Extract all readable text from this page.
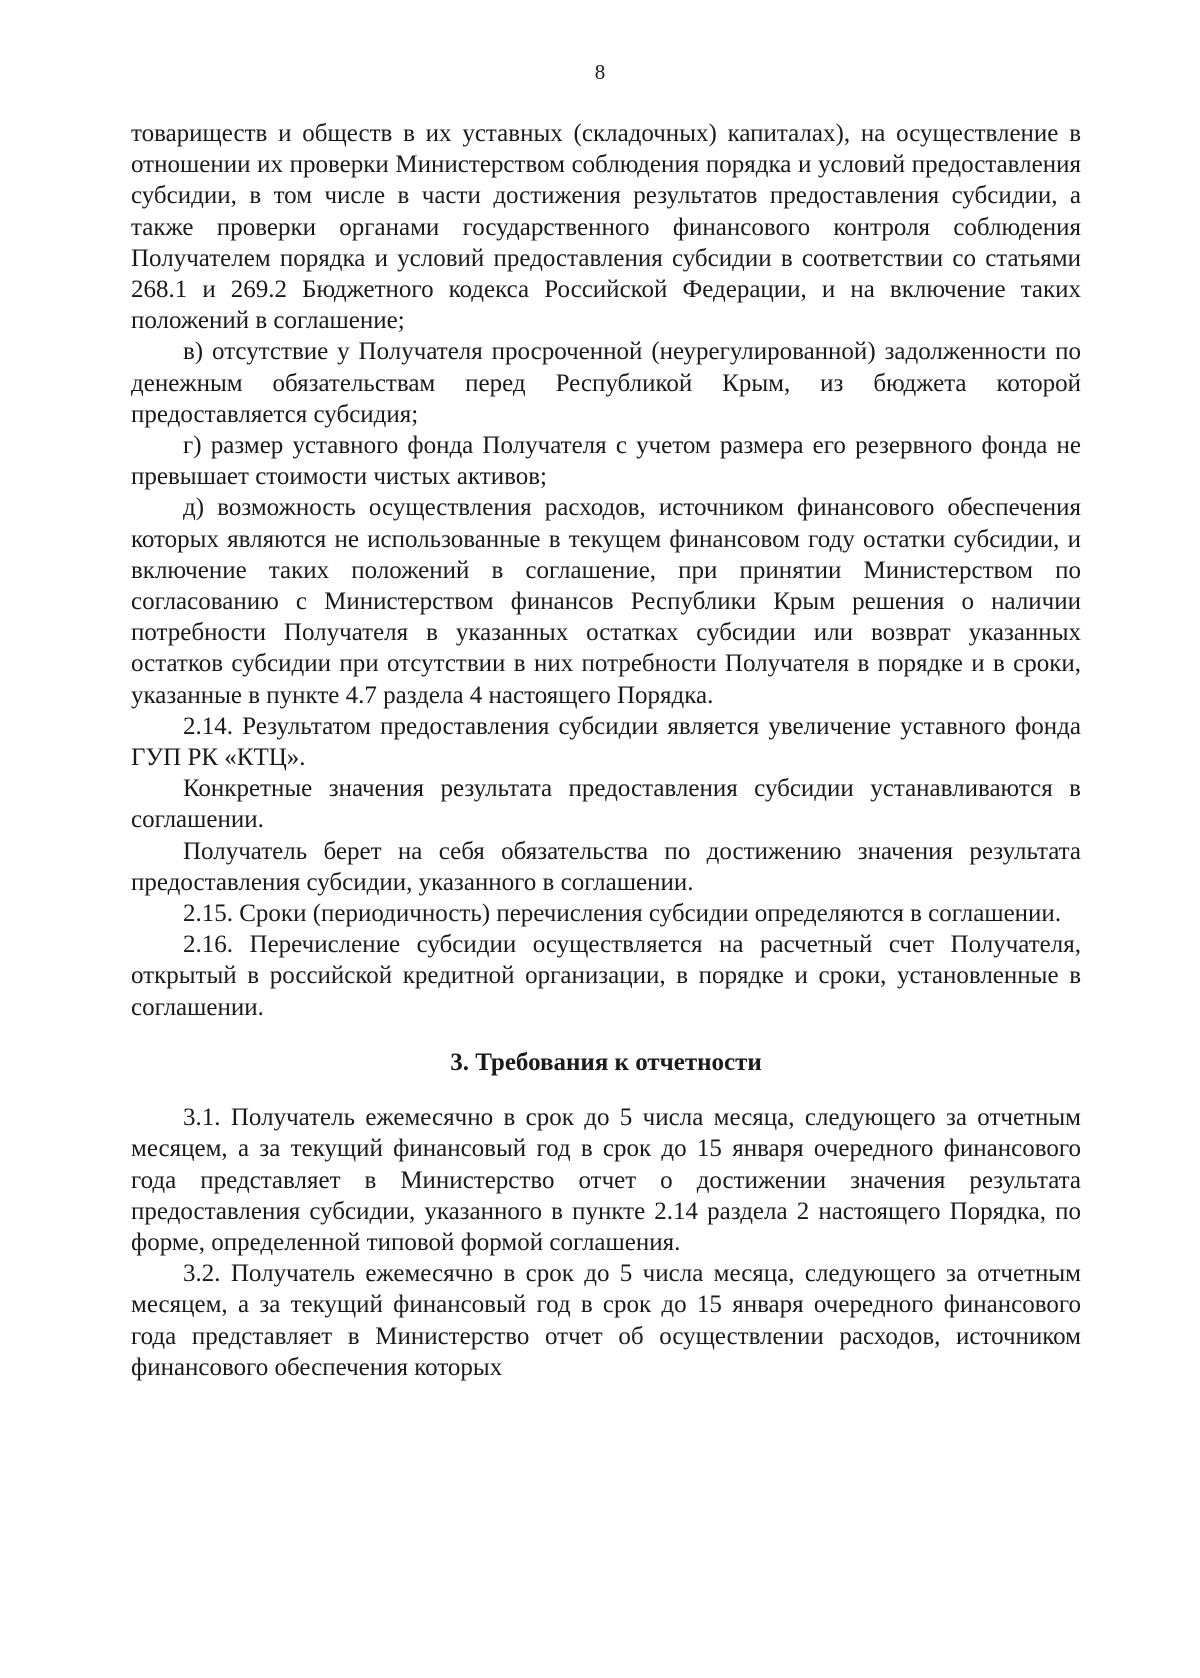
8

товариществ и обществ в их уставных (складочных) капиталах), на осуществление в отношении их проверки Министерством соблюдения порядка и условий предоставления субсидии, в том числе в части достижения результатов предоставления субсидии, а также проверки органами государственного финансового контроля соблюдения Получателем порядка и условий предоставления субсидии в соответствии со статьями 268.1 и 269.2 Бюджетного кодекса Российской Федерации, и на включение таких положений в соглашение;

в) отсутствие у Получателя просроченной (неурегулированной) задолженности по денежным обязательствам перед Республикой Крым, из бюджета которой предоставляется субсидия;

г) размер уставного фонда Получателя с учетом размера его резервного фонда не превышает стоимости чистых активов;

д) возможность осуществления расходов, источником финансового обеспечения которых являются не использованные в текущем финансовом году остатки субсидии, и включение таких положений в соглашение, при принятии Министерством по согласованию с Министерством финансов Республики Крым решения о наличии потребности Получателя в указанных остатках субсидии или возврат указанных остатков субсидии при отсутствии в них потребности Получателя в порядке и в сроки, указанные в пункте 4.7 раздела 4 настоящего Порядка.

2.14. Результатом предоставления субсидии является увеличение уставного фонда ГУП РК «КТЦ».

Конкретные значения результата предоставления субсидии устанавливаются в соглашении.

Получатель берет на себя обязательства по достижению значения результата предоставления субсидии, указанного в соглашении.

2.15. Сроки (периодичность) перечисления субсидии определяются в соглашении.

2.16. Перечисление субсидии осуществляется на расчетный счет Получателя, открытый в российской кредитной организации, в порядке и сроки, установленные в соглашении.

3. Требования к отчетности

3.1. Получатель ежемесячно в срок до 5 числа месяца, следующего за отчетным месяцем, а за текущий финансовый год в срок до 15 января очередного финансового года представляет в Министерство отчет о достижении значения результата предоставления субсидии, указанного в пункте 2.14 раздела 2 настоящего Порядка, по форме, определенной типовой формой соглашения.

3.2. Получатель ежемесячно в срок до 5 числа месяца, следующего за отчетным месяцем, а за текущий финансовый год в срок до 15 января очередного финансового года представляет в Министерство отчет об осуществлении расходов, источником финансового обеспечения которых
